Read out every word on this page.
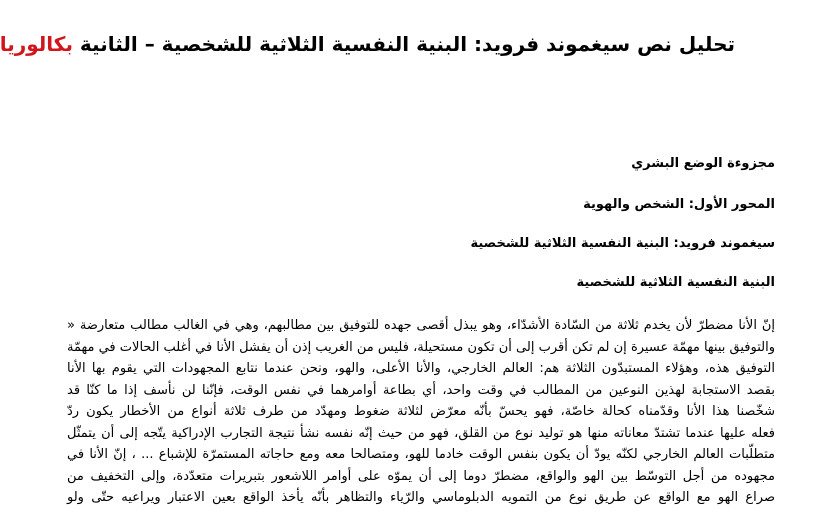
تحليل نص سيغموند فرويد: البنية النفسية الثلاثية للشخصية – الثانية بكالوريا
مجزوءة الوضع البشري
المحور الأول: الشخص والهوية
سيغموند فرويد: البنية النفسية الثلاثية للشخصية
البنية النفسية الثلاثية للشخصية
إنّ الأنا مضطرّ لأن يخدم ثلاثة من السّادة الأشدّاء، وهو يبذل أقصى جهده للتوفيق بين مطالبهم، وهي في الغالب مطالب متعارضة «
والتوفيق بينها مهمّة عسيرة إن لم تكن أقرب إلى أن تكون مستحيلة، فليس من الغريب إذن أن يفشل الأنا في أغلب الحالات في مهمّة
التوفيق هذه، وهؤلاء المستبدّون الثلاثة هم: العالم الخارجي، والأنا الأعلى، والهو، ونحن عندما نتابع المجهودات التي يقوم بها الأنا
بقصد الاستجابة لهذين النوعين من المطالب في وقت واحد، أي بطاعة أوامرهما في نفس الوقت، فإنّنا لن نأسف إذا ما كنّا قد
شخّصنا هذا الأنا وقدّمناه كحالة خاصّة، فهو يحسّ بأنّه معرّض لثلاثة ضغوط ومهدّد من طرف ثلاثة أنواع من الأخطار يكون ردّ
فعله عليها عندما تشتدّ معاناته منها هو توليد نوع من القلق، فهو من حيث إنّه نفسه نشأ نتيجة التجارب الإدراكية يتّجه إلى أن يتمثّل
متطلّبات العالم الخارجي لكنّه يودّ أن يكون بنفس الوقت خادما للهو، ومتصالحا معه ومع حاجاته المستمرّة للإشباع ... ، إنّ الأنا في
مجهوده من أجل التوسّط بين الهو والواقع، مضطرّ دوما إلى أن يموّه على أوامر اللاشعور بتبريرات متعدّدة، وإلى التخفيف من
صراع الهو مع الواقع عن طريق نوع من التمويه الدبلوماسي والرّياء والتظاهر بأنّه يأخذ الواقع بعين الاعتبار ويراعيه حتّى ولو
